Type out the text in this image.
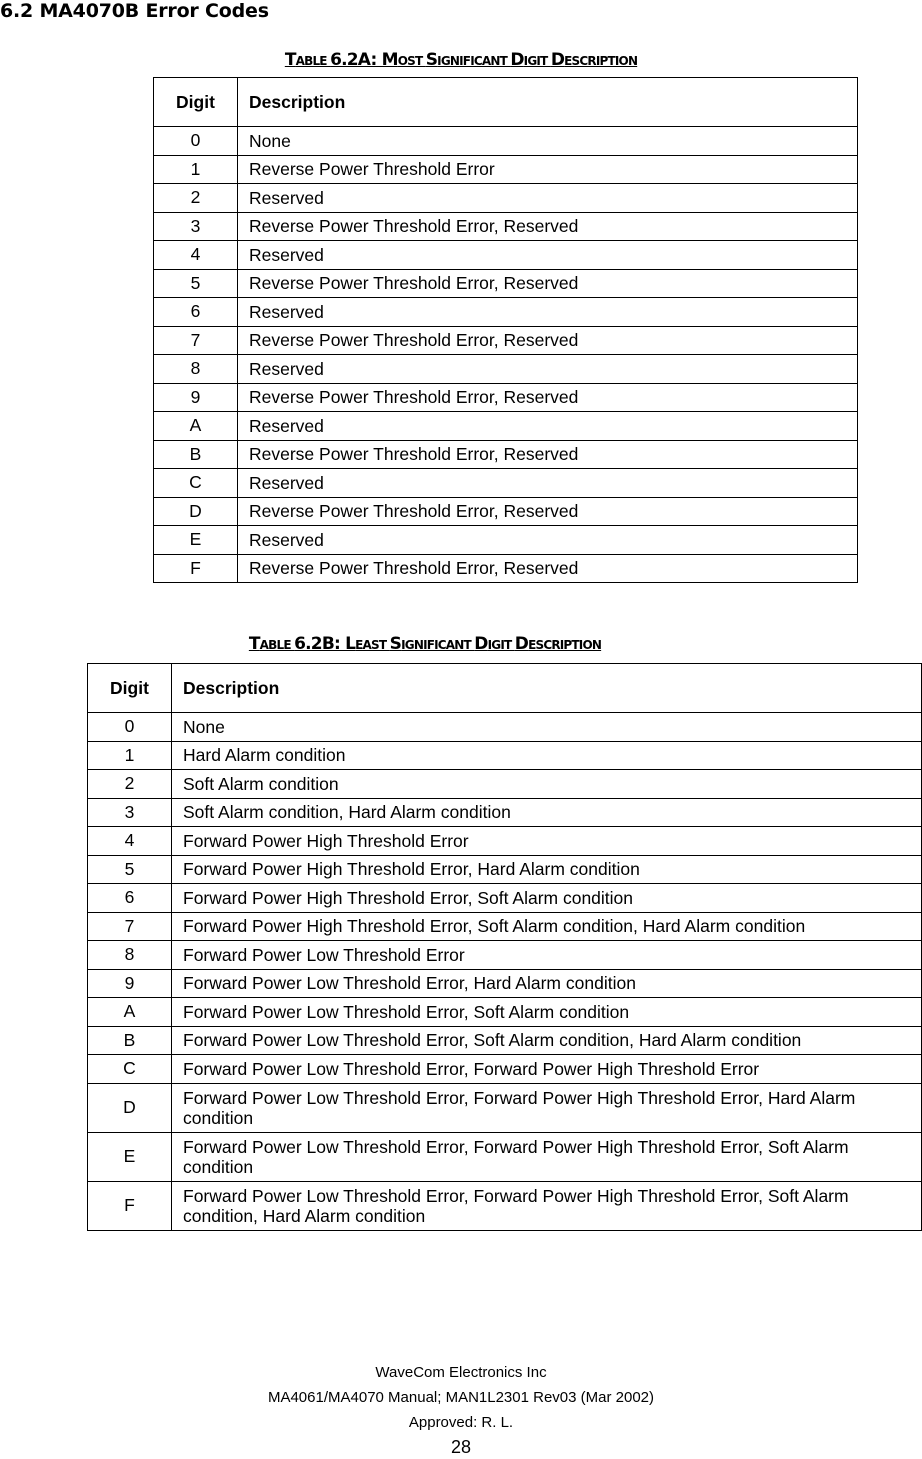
6.2 MA4070B Error Codes
TABLE 6.2A: MOST SIGNIFICANT DIGIT DESCRIPTION
Digit	Description
0	None
1	Reverse Power Threshold Error
2	Reserved
3	Reverse Power Threshold Error, Reserved
4	Reserved
5	Reverse Power Threshold Error, Reserved
6	Reserved
7	Reverse Power Threshold Error, Reserved
8	Reserved
9	Reverse Power Threshold Error, Reserved
A	Reserved
B	Reverse Power Threshold Error, Reserved
C	Reserved
D	Reverse Power Threshold Error, Reserved
E	Reserved
F	Reverse Power Threshold Error, Reserved
TABLE 6.2B: LEAST SIGNIFICANT DIGIT DESCRIPTION
Digit	Description
0	None
1	Hard Alarm condition
2	Soft Alarm condition
3	Soft Alarm condition, Hard Alarm condition
4	Forward Power High Threshold Error
5	Forward Power High Threshold Error, Hard Alarm condition
6	Forward Power High Threshold Error, Soft Alarm condition
7	Forward Power High Threshold Error, Soft Alarm condition, Hard Alarm condition
8	Forward Power Low Threshold Error
9	Forward Power Low Threshold Error, Hard Alarm condition
A	Forward Power Low Threshold Error, Soft Alarm condition
B	Forward Power Low Threshold Error, Soft Alarm condition, Hard Alarm condition
C	Forward Power Low Threshold Error, Forward Power High Threshold Error
D	Forward Power Low Threshold Error, Forward Power High Threshold Error, Hard Alarm condition
E	Forward Power Low Threshold Error, Forward Power High Threshold Error, Soft Alarm condition
F	Forward Power Low Threshold Error, Forward Power High Threshold Error, Soft Alarm condition, Hard Alarm condition
WaveCom Electronics Inc
MA4061/MA4070 Manual; MAN1L2301 Rev03 (Mar 2002)
Approved: R. L.
28
